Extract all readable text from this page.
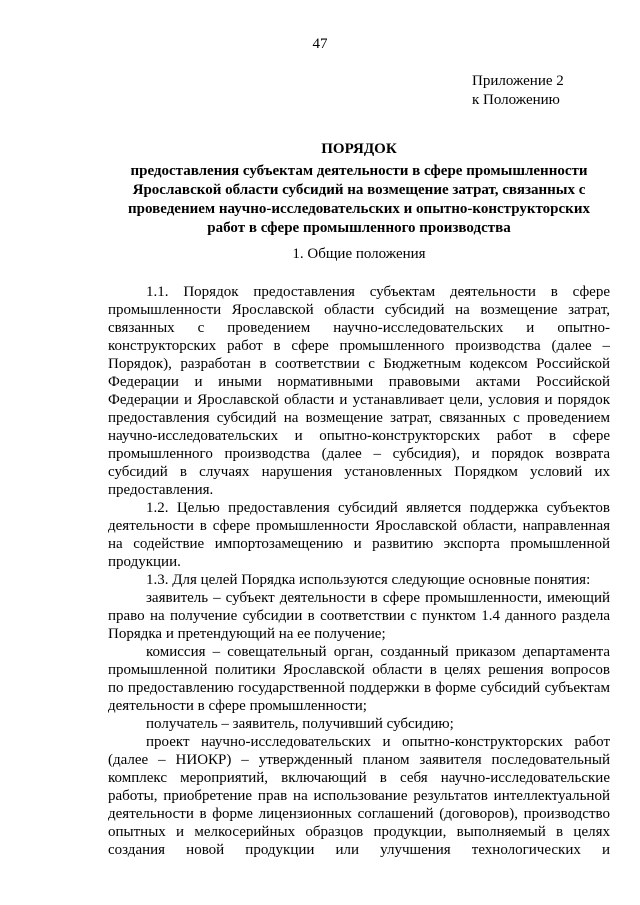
47
Приложение 2
к Положению
ПОРЯДОК
предоставления субъектам деятельности в сфере промышленности
Ярославской области субсидий на возмещение затрат, связанных с
проведением научно-исследовательских и опытно-конструкторских
работ в сфере промышленного производства
1. Общие положения
1.1. Порядок предоставления субъектам деятельности в сфере
промышленности Ярославской области субсидий на возмещение затрат,
связанных с проведением научно-исследовательских и опытно-
конструкторских работ в сфере промышленного производства (далее –
Порядок), разработан в соответствии с Бюджетным кодексом Российской
Федерации и иными нормативными правовыми актами Российской
Федерации и Ярославской области и устанавливает цели, условия и порядок
предоставления субсидий на возмещение затрат, связанных с проведением
научно-исследовательских и опытно-конструкторских работ в сфере
промышленного производства (далее – субсидия), и порядок возврата
субсидий в случаях нарушения установленных Порядком условий их
предоставления.
1.2. Целью предоставления субсидий является поддержка субъектов
деятельности в сфере промышленности Ярославской области, направленная
на содействие импортозамещению и развитию экспорта промышленной
продукции.
1.3. Для целей Порядка используются следующие основные понятия:
заявитель – субъект деятельности в сфере промышленности, имеющий
право на получение субсидии в соответствии с пунктом 1.4 данного раздела
Порядка и претендующий на ее получение;
комиссия – совещательный орган, созданный приказом департамента
промышленной политики Ярославской области в целях решения вопросов
по предоставлению государственной поддержки в форме субсидий субъектам
деятельности в сфере промышленности;
получатель – заявитель, получивший субсидию;
проект научно-исследовательских и опытно-конструкторских работ
(далее – НИОКР) – утвержденный планом заявителя последовательный
комплекс мероприятий, включающий в себя научно-исследовательские
работы, приобретение прав на использование результатов интеллектуальной
деятельности в форме лицензионных соглашений (договоров), производство
опытных и мелкосерийных образцов продукции, выполняемый в целях
создания новой продукции или улучшения технологических и
